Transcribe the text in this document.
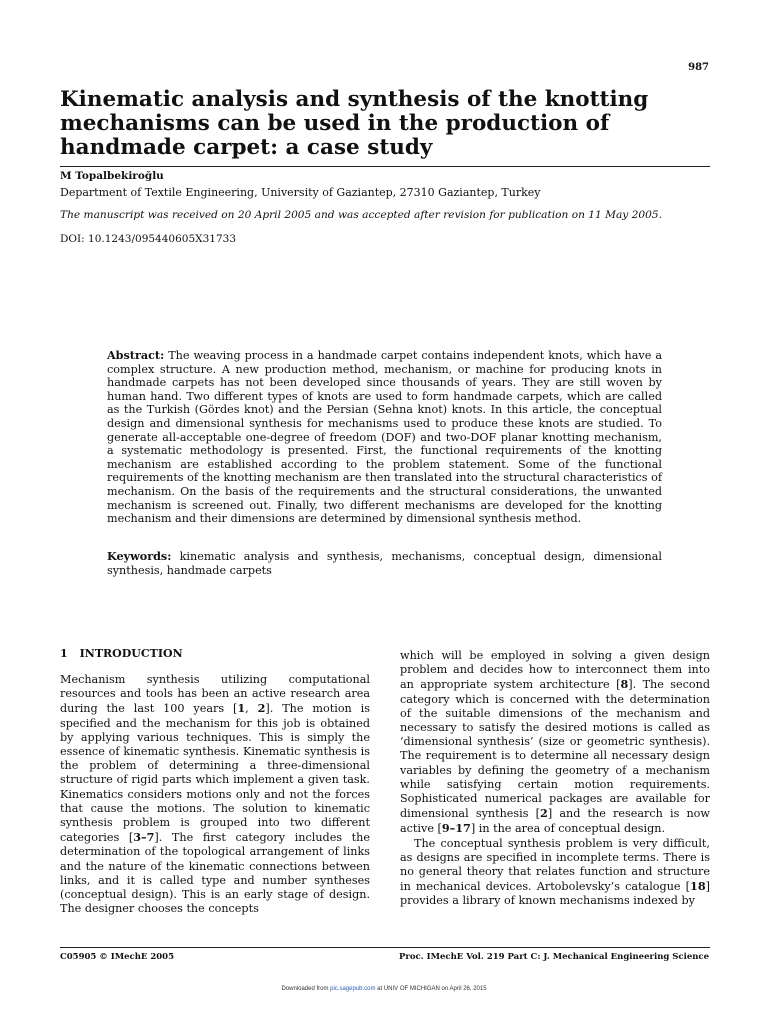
987
Kinematic analysis and synthesis of the knotting mechanisms can be used in the production of handmade carpet: a case study
M Topalbekiroğlu
Department of Textile Engineering, University of Gaziantep, 27310 Gaziantep, Turkey
The manuscript was received on 20 April 2005 and was accepted after revision for publication on 11 May 2005.
DOI: 10.1243/095440605X31733

Abstract: The weaving process in a handmade carpet contains independent knots, which have a complex structure. A new production method, mechanism, or machine for producing knots in handmade carpets has not been developed since thousands of years. They are still woven by human hand. Two different types of knots are used to form handmade carpets, which are called as the Turkish (Gördes knot) and the Persian (Sehna knot) knots. In this article, the conceptual design and dimensional synthesis for mechanisms used to produce these knots are studied. To generate all-acceptable one-degree of freedom (DOF) and two-DOF planar knotting mechanism, a systematic methodology is presented. First, the functional requirements of the knotting mechanism are established according to the problem statement. Some of the functional requirements of the knotting mechanism are then translated into the structural characteristics of mechanism. On the basis of the requirements and the structural considerations, the unwanted mechanism is screened out. Finally, two different mechanisms are developed for the knotting mechanism and their dimensions are determined by dimensional synthesis method.

Keywords: kinematic analysis and synthesis, mechanisms, conceptual design, dimensional synthesis, handmade carpets

1 INTRODUCTION

Mechanism synthesis utilizing computational resources and tools has been an active research area during the last 100 years [1, 2]. The motion is specified and the mechanism for this job is obtained by applying various techniques. This is simply the essence of kinematic synthesis. Kinematic synthesis is the problem of determining a three-dimensional structure of rigid parts which implement a given task. Kinematics considers motions only and not the forces that cause the motions. The solution to kinematic synthesis problem is grouped into two different categories [3–7]. The first category includes the determination of the topological arrangement of links and the nature of the kinematic connections between links, and it is called type and number syntheses (conceptual design). This is an early stage of design. The designer chooses the concepts

which will be employed in solving a given design problem and decides how to interconnect them into an appropriate system architecture [8]. The second category which is concerned with the determination of the suitable dimensions of the mechanism and necessary to satisfy the desired motions is called as ‘dimensional synthesis’ (size or geometric synthesis). The requirement is to determine all necessary design variables by defining the geometry of a mechanism while satisfying certain motion requirements. Sophisticated numerical packages are available for dimensional synthesis [2] and the research is now active [9–17] in the area of conceptual design.

The conceptual synthesis problem is very difficult, as designs are specified in incomplete terms. There is no general theory that relates function and structure in mechanical devices. Artobolevsky’s catalogue [18] provides a library of known mechanisms indexed by

C05905 © IMechE 2005	Proc. IMechE Vol. 219 Part C: J. Mechanical Engineering Science
Downloaded from pic.sagepub.com at UNIV OF MICHIGAN on April 26, 2015
